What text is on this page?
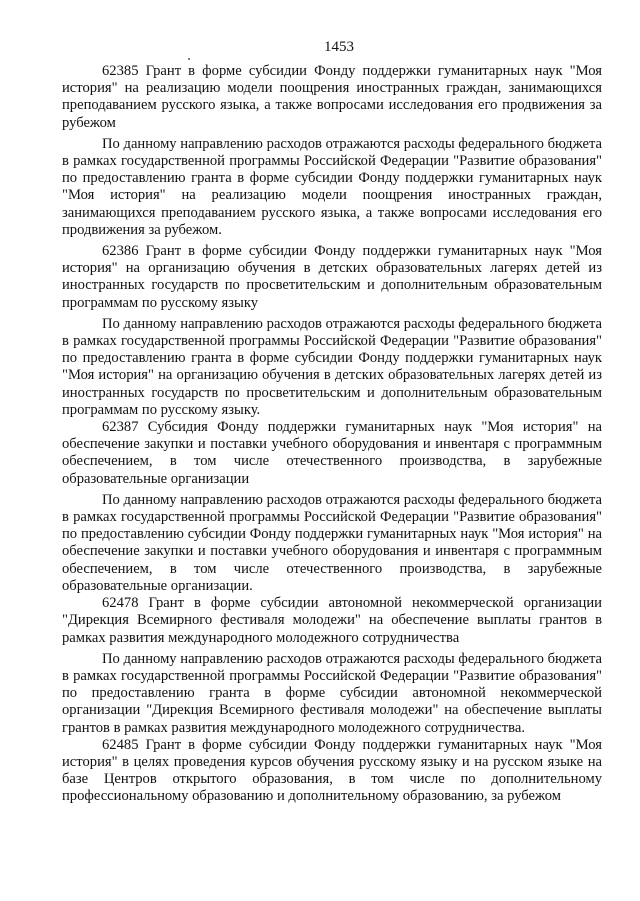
1453

62385 Грант в форме субсидии Фонду поддержки гуманитарных наук "Моя история" на реализацию модели поощрения иностранных граждан, занимающихся преподаванием русского языка, а также вопросами исследования его продвижения за рубежом

По данному направлению расходов отражаются расходы федерального бюджета в рамках государственной программы Российской Федерации "Развитие образования" по предоставлению гранта в форме субсидии Фонду поддержки гуманитарных наук "Моя история" на реализацию модели поощрения иностранных граждан, занимающихся преподаванием русского языка, а также вопросами исследования его продвижения за рубежом.

62386 Грант в форме субсидии Фонду поддержки гуманитарных наук "Моя история" на организацию обучения в детских образовательных лагерях детей из иностранных государств по просветительским и дополнительным образовательным программам по русскому языку

По данному направлению расходов отражаются расходы федерального бюджета в рамках государственной программы Российской Федерации "Развитие образования" по предоставлению гранта в форме субсидии Фонду поддержки гуманитарных наук "Моя история" на организацию обучения в детских образовательных лагерях детей из иностранных государств по просветительским и дополнительным образовательным программам по русскому языку.

62387 Субсидия Фонду поддержки гуманитарных наук "Моя история" на обеспечение закупки и поставки учебного оборудования и инвентаря с программным обеспечением, в том числе отечественного производства, в зарубежные образовательные организации

По данному направлению расходов отражаются расходы федерального бюджета в рамках государственной программы Российской Федерации "Развитие образования" по предоставлению субсидии Фонду поддержки гуманитарных наук "Моя история" на обеспечение закупки и поставки учебного оборудования и инвентаря с программным обеспечением, в том числе отечественного производства, в зарубежные образовательные организации.

62478 Грант в форме субсидии автономной некоммерческой организации "Дирекция Всемирного фестиваля молодежи" на обеспечение выплаты грантов в рамках развития международного молодежного сотрудничества

По данному направлению расходов отражаются расходы федерального бюджета в рамках государственной программы Российской Федерации "Развитие образования" по предоставлению гранта в форме субсидии автономной некоммерческой организации "Дирекция Всемирного фестиваля молодежи" на обеспечение выплаты грантов в рамках развития международного молодежного сотрудничества.

62485 Грант в форме субсидии Фонду поддержки гуманитарных наук "Моя история" в целях проведения курсов обучения русскому языку и на русском языке на базе Центров открытого образования, в том числе по дополнительному профессиональному образованию и дополнительному образованию, за рубежом
